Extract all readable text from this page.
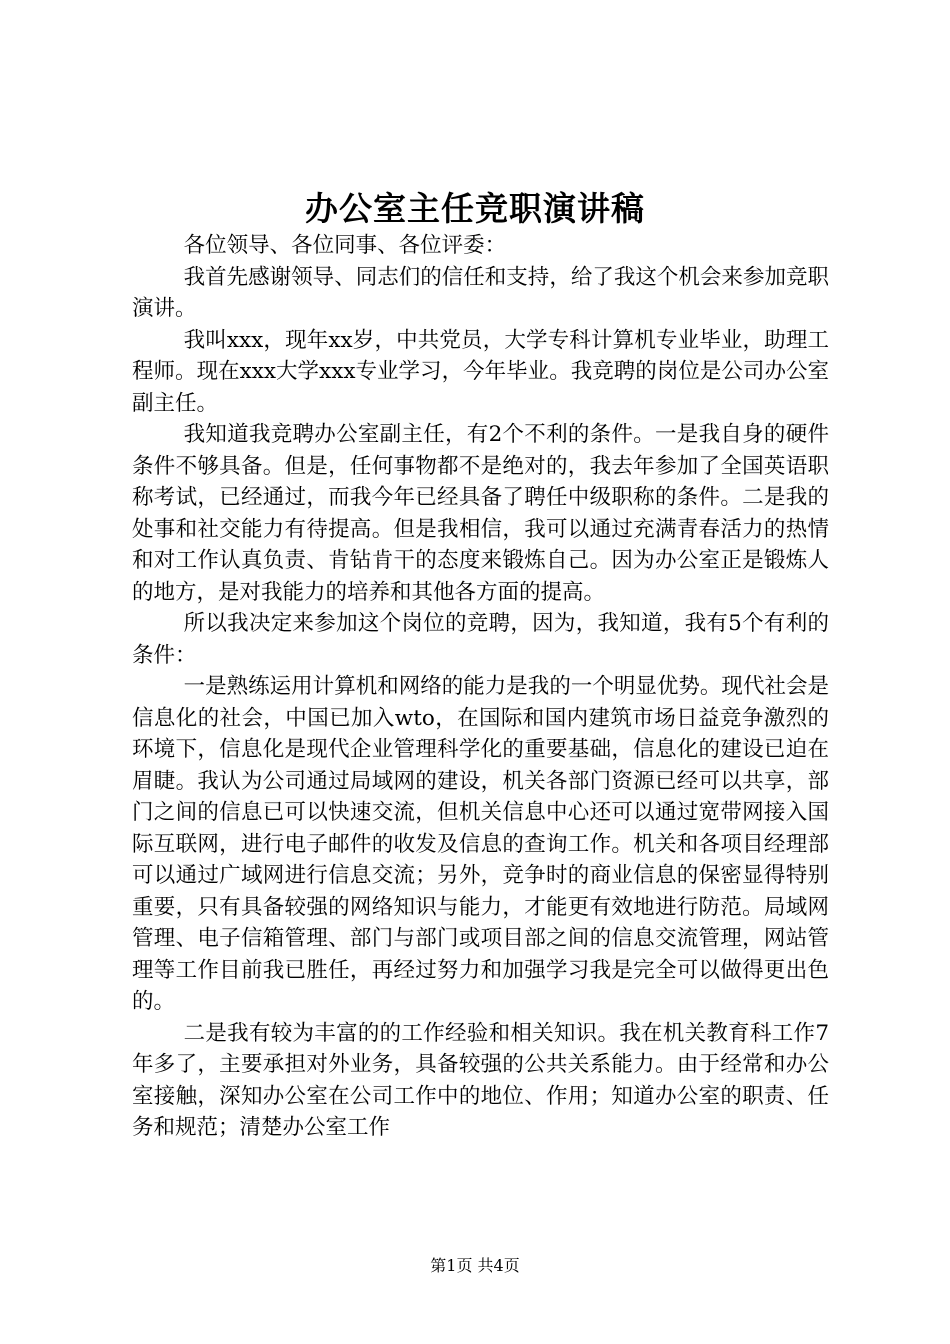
办公室主任竞职演讲稿

各位领导、各位同事、各位评委：

我首先感谢领导、同志们的信任和支持，给了我这个机会来参加竞职演讲。

我叫xxx，现年xx岁，中共党员，大学专科计算机专业毕业，助理工程师。现在xxx大学xxx专业学习，今年毕业。我竞聘的岗位是公司办公室副主任。

我知道我竞聘办公室副主任，有2个不利的条件。一是我自身的硬件条件不够具备。但是，任何事物都不是绝对的，我去年参加了全国英语职称考试，已经通过，而我今年已经具备了聘任中级职称的条件。二是我的处事和社交能力有待提高。但是我相信，我可以通过充满青春活力的热情和对工作认真负责、肯钻肯干的态度来锻炼自己。因为办公室正是锻炼人的地方，是对我能力的培养和其他各方面的提高。

所以我决定来参加这个岗位的竞聘，因为，我知道，我有5个有利的条件：

一是熟练运用计算机和网络的能力是我的一个明显优势。现代社会是信息化的社会，中国已加入wto，在国际和国内建筑市场日益竞争激烈的环境下，信息化是现代企业管理科学化的重要基础，信息化的建设已迫在眉睫。我认为公司通过局域网的建设，机关各部门资源已经可以共享，部门之间的信息已可以快速交流，但机关信息中心还可以通过宽带网接入国际互联网，进行电子邮件的收发及信息的查询工作。机关和各项目经理部可以通过广域网进行信息交流；另外，竞争时的商业信息的保密显得特别重要，只有具备较强的网络知识与能力，才能更有效地进行防范。局域网管理、电子信箱管理、部门与部门或项目部之间的信息交流管理，网站管理等工作目前我已胜任，再经过努力和加强学习我是完全可以做得更出色的。

二是我有较为丰富的的工作经验和相关知识。我在机关教育科工作7年多了，主要承担对外业务，具备较强的公共关系能力。由于经常和办公室接触，深知办公室在公司工作中的地位、作用；知道办公室的职责、任务和规范；清楚办公室工作

第1页 共4页
